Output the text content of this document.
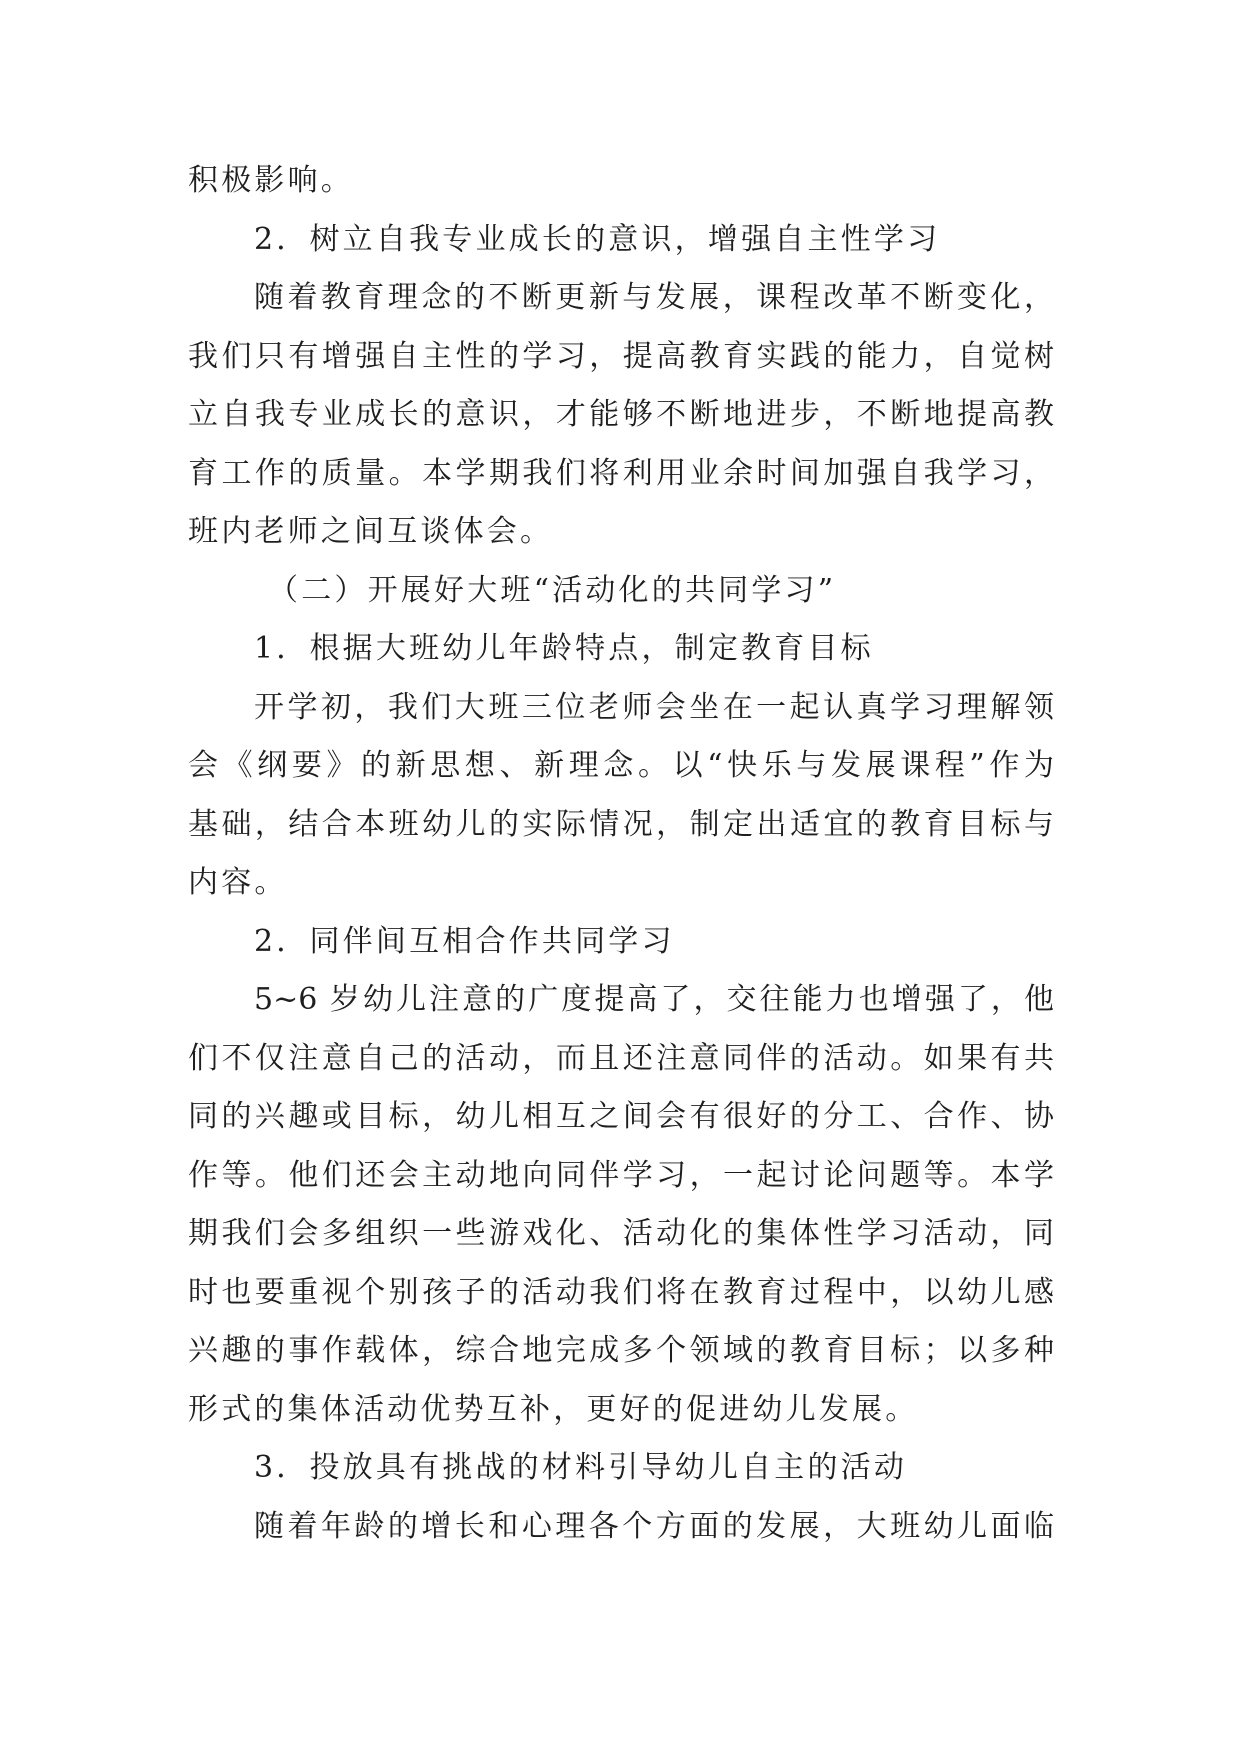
积极影响。
2．树立自我专业成长的意识，增强自主性学习
随着教育理念的不断更新与发展，课程改革不断变化，
我们只有增强自主性的学习，提高教育实践的能力，自觉树
立自我专业成长的意识，才能够不断地进步，不断地提高教
育工作的质量。本学期我们将利用业余时间加强自我学习，
班内老师之间互谈体会。
（二）开展好大班“活动化的共同学习”
1．根据大班幼儿年龄特点，制定教育目标
开学初，我们大班三位老师会坐在一起认真学习理解领
会《纲要》的新思想、新理念。以“快乐与发展课程”作为
基础，结合本班幼儿的实际情况，制定出适宜的教育目标与
内容。
2．同伴间互相合作共同学习
5~6 岁幼儿注意的广度提高了，交往能力也增强了，他
们不仅注意自己的活动，而且还注意同伴的活动。如果有共
同的兴趣或目标，幼儿相互之间会有很好的分工、合作、协
作等。他们还会主动地向同伴学习，一起讨论问题等。本学
期我们会多组织一些游戏化、活动化的集体性学习活动，同
时也要重视个别孩子的活动我们将在教育过程中，以幼儿感
兴趣的事作载体，综合地完成多个领域的教育目标；以多种
形式的集体活动优势互补，更好的促进幼儿发展。
3．投放具有挑战的材料引导幼儿自主的活动
随着年龄的增长和心理各个方面的发展，大班幼儿面临
